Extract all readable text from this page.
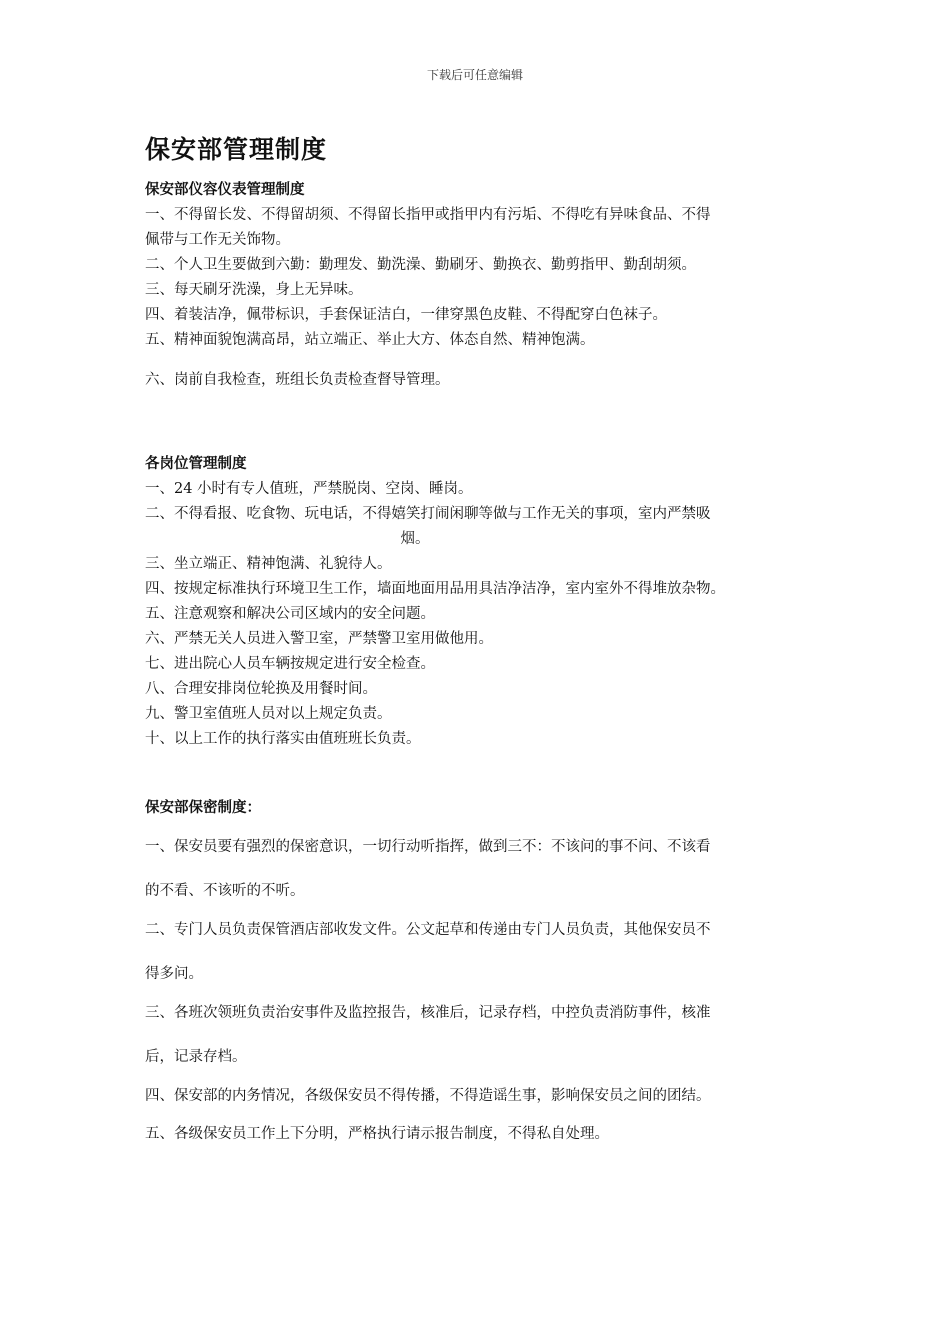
下载后可任意编辑
保安部管理制度
保安部仪容仪表管理制度
一、不得留长发、不得留胡须、不得留长指甲或指甲内有污垢、不得吃有异味食品、不得
佩带与工作无关饰物。
二、个人卫生要做到六勤：勤理发、勤洗澡、勤刷牙、勤换衣、勤剪指甲、勤刮胡须。
三、每天刷牙洗澡，身上无异味。
四、着装洁净，佩带标识，手套保证洁白，一律穿黑色皮鞋、不得配穿白色袜子。
五、精神面貌饱满高昂，站立端正、举止大方、体态自然、精神饱满。
六、岗前自我检查，班组长负责检查督导管理。
各岗位管理制度
一、24 小时有专人值班，严禁脱岗、空岗、睡岗。
二、不得看报、吃食物、玩电话，不得嬉笑打闹闲聊等做与工作无关的事项，室内严禁吸
烟。
三、坐立端正、精神饱满、礼貌待人。
四、按规定标准执行环境卫生工作，墙面地面用品用具洁净洁净，室内室外不得堆放杂物。
五、注意观察和解决公司区域内的安全问题。
六、严禁无关人员进入警卫室，严禁警卫室用做他用。
七、进出院心人员车辆按规定进行安全检查。
八、合理安排岗位轮换及用餐时间。
九、警卫室值班人员对以上规定负责。
十、以上工作的执行落实由值班班长负责。
保安部保密制度：
一、保安员要有强烈的保密意识，一切行动听指挥，做到三不：不该问的事不问、不该看
的不看、不该听的不听。
二、专门人员负责保管酒店部收发文件。公文起草和传递由专门人员负责，其他保安员不
得多问。
三、各班次领班负责治安事件及监控报告，核准后，记录存档，中控负责消防事件，核准
后，记录存档。
四、保安部的内务情况，各级保安员不得传播，不得造谣生事，影响保安员之间的团结。
五、各级保安员工作上下分明，严格执行请示报告制度，不得私自处理。
